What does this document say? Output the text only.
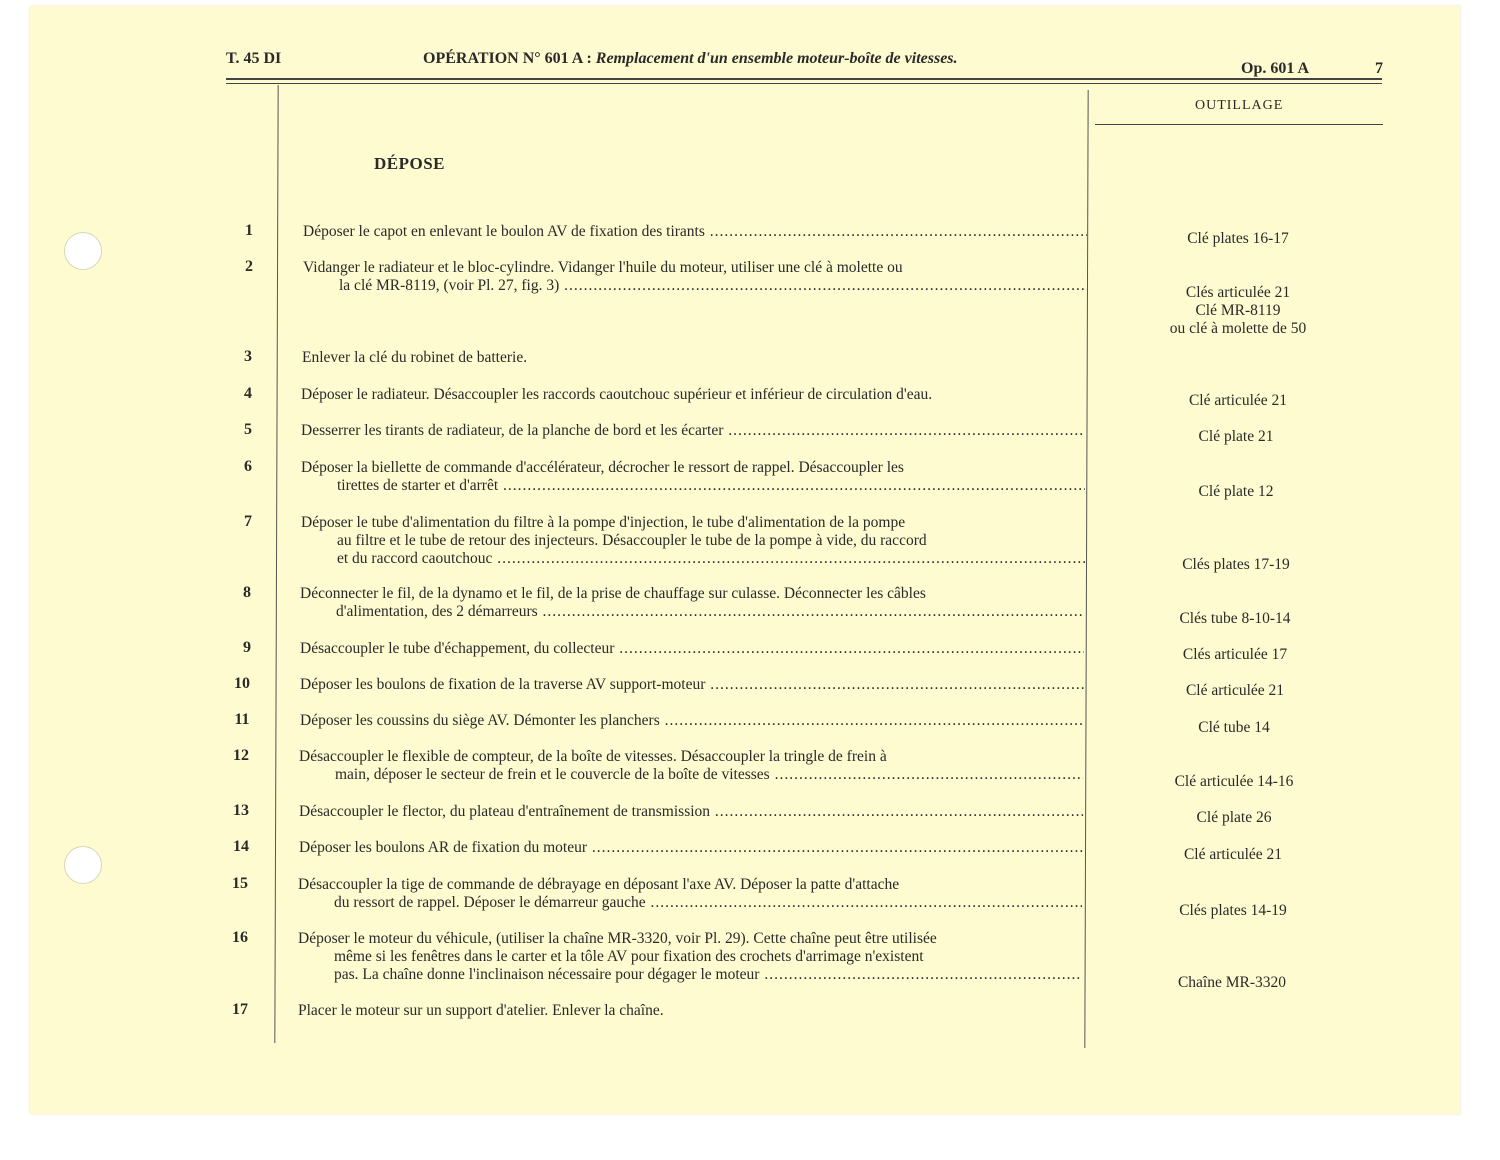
T. 45 DI	OPÉRATION N° 601 A : Remplacement d'un ensemble moteur-boîte de vitesses.
Op. 601 A	7
OUTILLAGE
DÉPOSE
1	Déposer le capot en enlevant le boulon AV de fixation des tirants .....	Clé plates 16-17
2	Vidanger le radiateur et le bloc-cylindre. Vidanger l'huile du moteur, utiliser une clé à molette ou
la clé MR-8119, (voir Pl. 27, fig. 3) .....	Clés articulée 21
Clé MR-8119
ou clé à molette de 50
3	Enlever la clé du robinet de batterie.
4	Déposer le radiateur. Désaccoupler les raccords caoutchouc supérieur et inférieur de circulation d'eau.	Clé articulée 21
5	Desserrer les tirants de radiateur, de la planche de bord et les écarter .....	Clé plate 21
6	Déposer la biellette de commande d'accélérateur, décrocher le ressort de rappel. Désaccoupler les
tirettes de starter et d'arrêt .....	Clé plate 12
7	Déposer le tube d'alimentation du filtre à la pompe d'injection, le tube d'alimentation de la pompe
au filtre et le tube de retour des injecteurs. Désaccoupler le tube de la pompe à vide, du raccord
et du raccord caoutchouc .....	Clés plates 17-19
8	Déconnecter le fil, de la dynamo et le fil, de la prise de chauffage sur culasse. Déconnecter les câbles
d'alimentation, des 2 démarreurs .....	Clés tube 8-10-14
9	Désaccoupler le tube d'échappement, du collecteur .....	Clés articulée 17
10	Déposer les boulons de fixation de la traverse AV support-moteur .....	Clé articulée 21
11	Déposer les coussins du siège AV. Démonter les planchers .....	Clé tube 14
12	Désaccoupler le flexible de compteur, de la boîte de vitesses. Désaccoupler la tringle de frein à
main, déposer le secteur de frein et le couvercle de la boîte de vitesses .....	Clé articulée 14-16
13	Désaccoupler le flector, du plateau d'entraînement de transmission .....	Clé plate 26
14	Déposer les boulons AR de fixation du moteur .....	Clé articulée 21
15	Désaccoupler la tige de commande de débrayage en déposant l'axe AV. Déposer la patte d'attache
du ressort de rappel. Déposer le démarreur gauche .....	Clés plates 14-19
16	Déposer le moteur du véhicule, (utiliser la chaîne MR-3320, voir Pl. 29). Cette chaîne peut être utilisée
même si les fenêtres dans le carter et la tôle AV pour fixation des crochets d'arrimage n'existent
pas. La chaîne donne l'inclinaison nécessaire pour dégager le moteur .....	Chaîne MR-3320
17	Placer le moteur sur un support d'atelier. Enlever la chaîne.
